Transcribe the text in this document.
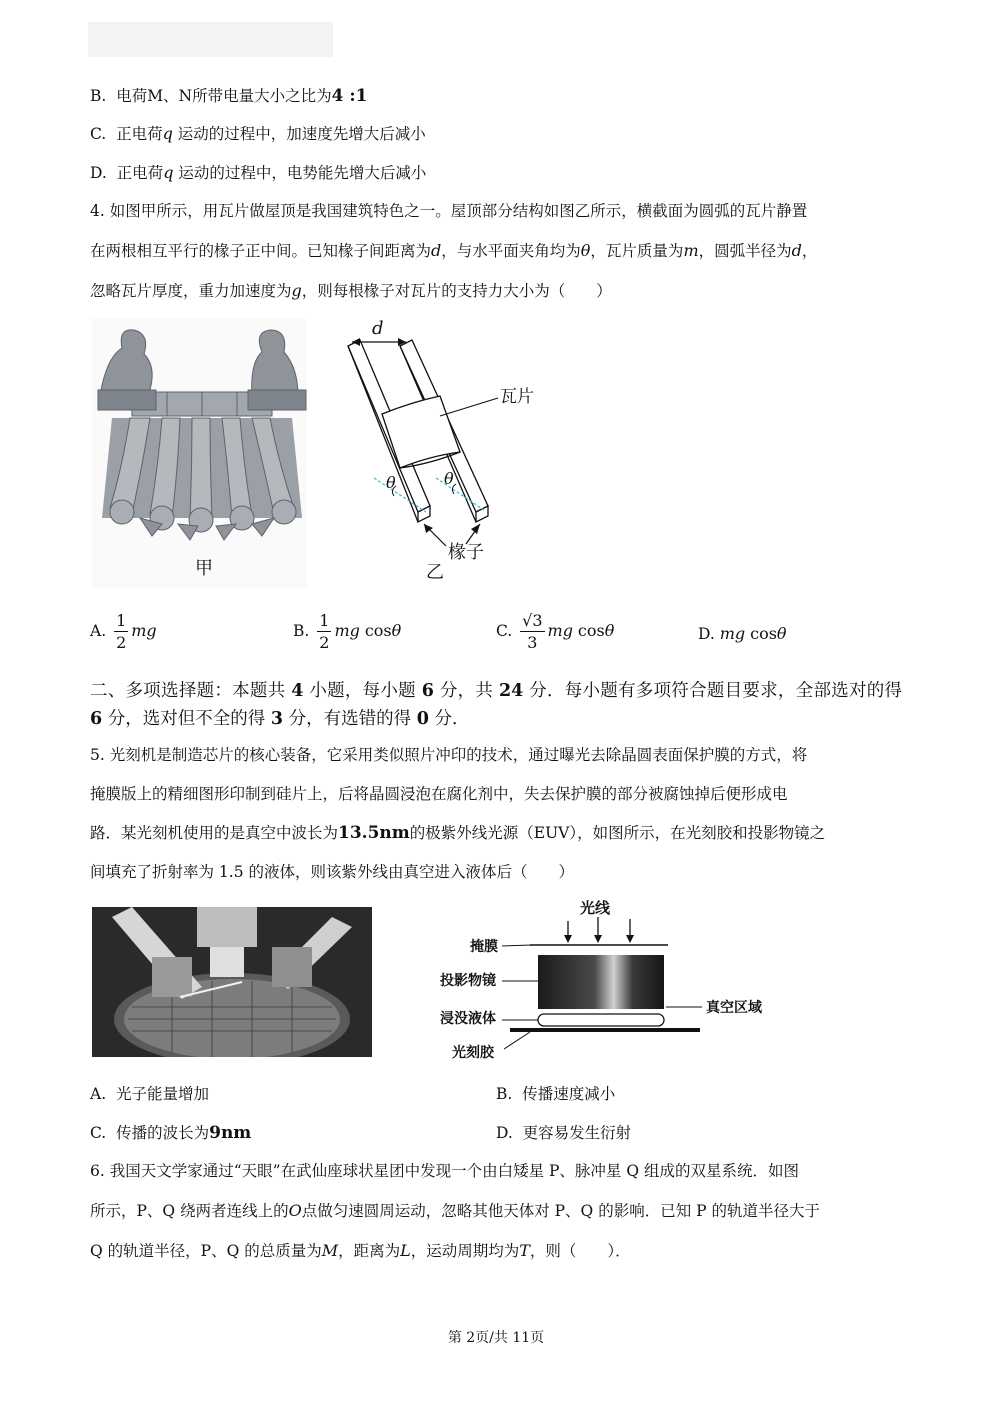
B. 电荷M、N所带电量大小之比为4 :1
C. 正电荷q 运动的过程中，加速度先增大后减小
D. 正电荷q 运动的过程中，电势能先增大后减小
4. 如图甲所示，用瓦片做屋顶是我国建筑特色之一。屋顶部分结构如图乙所示，横截面为圆弧的瓦片静置
在两根相互平行的椽子正中间。已知椽子间距离为d，与水平面夹角均为θ，瓦片质量为m，圆弧半径为d，
忽略瓦片厚度，重力加速度为g，则每根椽子对瓦片的支持力大小为（　　）
甲
d
瓦片
θ	θ
椽子
乙
A. $\frac{1}{2}$ mg	B. $\frac{1}{2}$ mg cosθ	C. $\frac{√3}{3}$ mg cosθ	D. mg cosθ
二、多项选择题：本题共 4 小题，每小题 6 分，共 24 分．每小题有多项符合题目要求，全部选对的得 6 分，选对但不全的得 3 分，有选错的得 0 分．
5. 光刻机是制造芯片的核心装备，它采用类似照片冲印的技术，通过曝光去除晶圆表面保护膜的方式，将
掩膜版上的精细图形印制到硅片上，后将晶圆浸泡在腐化剂中，失去保护膜的部分被腐蚀掉后便形成电
路．某光刻机使用的是真空中波长为13.5nm的极紫外线光源（EUV），如图所示，在光刻胶和投影物镜之
间填充了折射率为 1.5 的液体，则该紫外线由真空进入液体后（　　）
光线
掩膜
投影物镜
浸没液体
真空区域
光刻胶
A. 光子能量增加	B. 传播速度减小
C. 传播的波长为9nm	D. 更容易发生衍射
6. 我国天文学家通过“天眼”在武仙座球状星团中发现一个由白矮星 P、脉冲星 Q 组成的双星系统．如图
所示，P、Q 绕两者连线上的O点做匀速圆周运动，忽略其他天体对 P、Q 的影响．已知 P 的轨道半径大于
Q 的轨道半径，P、Q 的总质量为M，距离为L，运动周期均为T，则（　　）．
第 2页/共 11页
